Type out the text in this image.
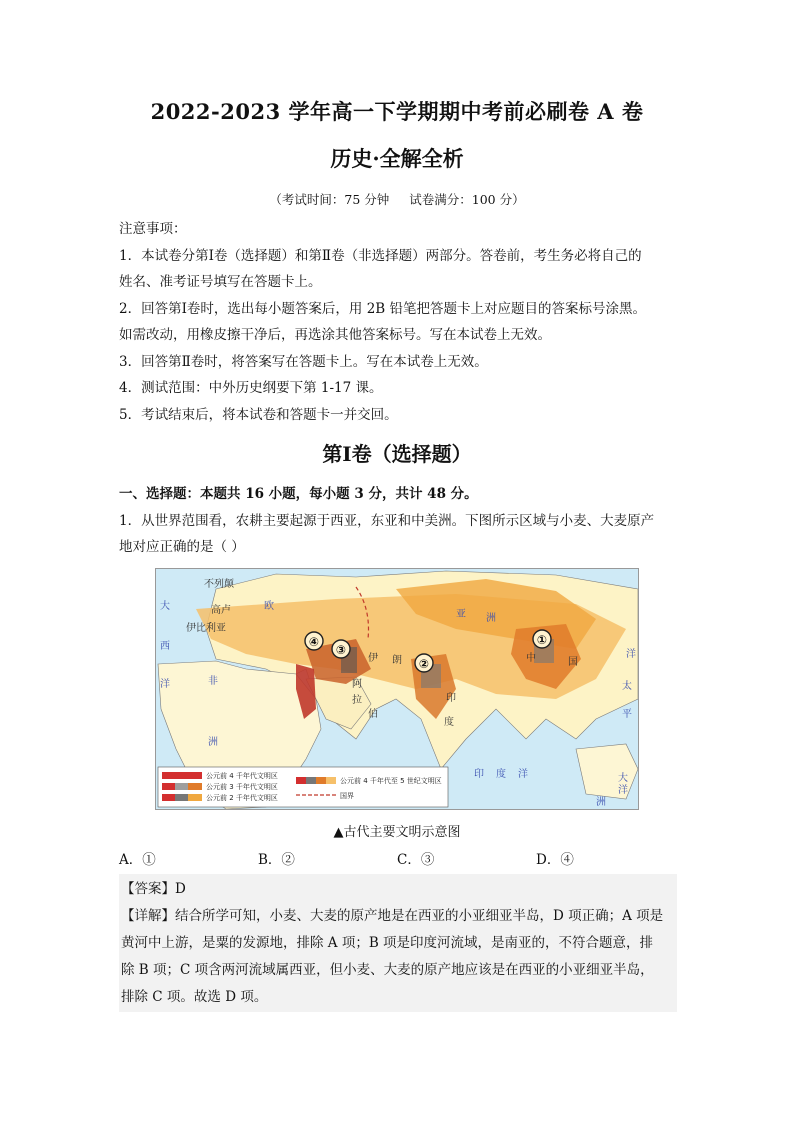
2022-2023 学年高一下学期期中考前必刷卷 A 卷
历史·全解全析
（考试时间：75 分钟 试卷满分：100 分）
注意事项：
1．本试卷分第Ⅰ卷（选择题）和第Ⅱ卷（非选择题）两部分。答卷前，考生务必将自己的
姓名、准考证号填写在答题卡上。
2．回答第Ⅰ卷时，选出每小题答案后，用 2B 铅笔把答题卡上对应题目的答案标号涂黑。
如需改动，用橡皮擦干净后，再选涂其他答案标号。写在本试卷上无效。
3．回答第Ⅱ卷时，将答案写在答题卡上。写在本试卷上无效。
4．测试范围：中外历史纲要下第 1-17 课。
5．考试结束后，将本试卷和答题卡一并交回。
第Ⅰ卷（选择题）
一、选择题：本题共 16 小题，每小题 3 分，共计 48 分。
1．从世界范围看，农耕主要起源于西亚，东亚和中美洲。下图所示区域与小麦、大麦原产
地对应正确的是（ ）
①
②
③
④
不列颠
高卢
伊比利亚
伊 朗	中	国
印
度
阿
拉
伯
非
洲
大
西
洋	太
平
洋
印 度 洋
欧
亚 洲
大
洋
洲
公元前 4 千年代文明区
公元前 3 千年代文明区
公元前 2 千年代文明区
公元前 4 千年代至 5 世纪文明区
国界
▲古代主要文明示意图
A．①	B．②	C．③	D．④
【答案】D
【详解】结合所学可知，小麦、大麦的原产地是在西亚的小亚细亚半岛，D 项正确；A 项是
黄河中上游，是粟的发源地，排除 A 项；B 项是印度河流域，是南亚的，不符合题意，排
除 B 项；C 项含两河流域属西亚，但小麦、大麦的原产地应该是在西亚的小亚细亚半岛，
排除 C 项。故选 D 项。
